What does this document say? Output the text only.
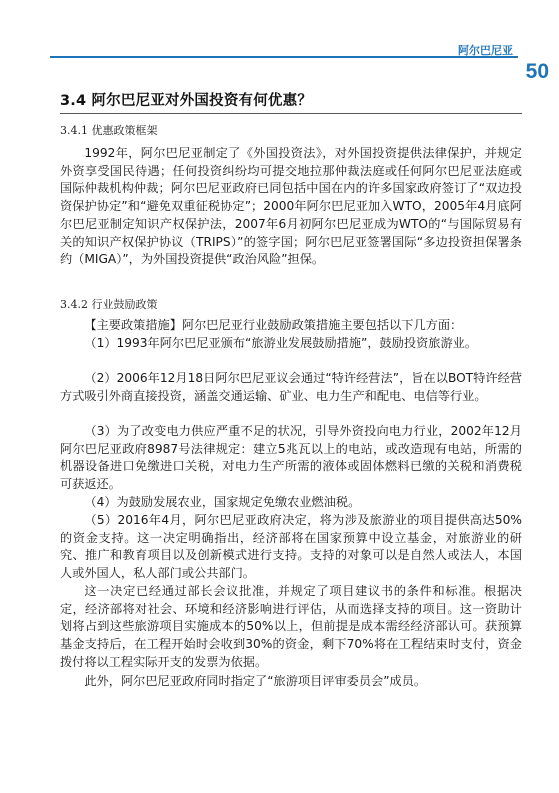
阿尔巴尼亚
50
3.4 阿尔巴尼亚对外国投资有何优惠？
3.4.1 优惠政策框架

1992年，阿尔巴尼亚制定了《外国投资法》，对外国投资提供法律保护，并规定外资享受国民待遇；任何投资纠纷均可提交地拉那仲裁法庭或任何阿尔巴尼亚法庭或国际仲裁机构仲裁；阿尔巴尼亚政府已同包括中国在内的许多国家政府签订了“双边投资保护协定”和“避免双重征税协定”；2000年阿尔巴尼亚加入WTO，2005年4月底阿尔巴尼亚制定知识产权保护法，2007年6月初阿尔巴尼亚成为WTO的“与国际贸易有关的知识产权保护协议（TRIPS）”的签字国；阿尔巴尼亚签署国际“多边投资担保署条约（MIGA）”，为外国投资提供“政治风险”担保。

3.4.2 行业鼓励政策

【主要政策措施】阿尔巴尼亚行业鼓励政策措施主要包括以下几方面：

（1）1993年阿尔巴尼亚颁布“旅游业发展鼓励措施”，鼓励投资旅游业。

（2）2006年12月18日阿尔巴尼亚议会通过“特许经营法”，旨在以BOT特许经营方式吸引外商直接投资，涵盖交通运输、矿业、电力生产和配电、电信等行业。

（3）为了改变电力供应严重不足的状况，引导外资投向电力行业，2002年12月阿尔巴尼亚政府8987号法律规定：建立5兆瓦以上的电站，或改造现有电站，所需的机器设备进口免缴进口关税，对电力生产所需的液体或固体燃料已缴的关税和消费税可获返还。

（4）为鼓励发展农业，国家规定免缴农业燃油税。

（5）2016年4月，阿尔巴尼亚政府决定，将为涉及旅游业的项目提供高达50%的资金支持。这一决定明确指出，经济部将在国家预算中设立基金，对旅游业的研究、推广和教育项目以及创新模式进行支持。支持的对象可以是自然人或法人，本国人或外国人，私人部门或公共部门。

这一决定已经通过部长会议批准，并规定了项目建议书的条件和标准。根据决定，经济部将对社会、环境和经济影响进行评估，从而选择支持的项目。这一资助计划将占到这些旅游项目实施成本的50%以上，但前提是成本需经经济部认可。获预算基金支持后，在工程开始时会收到30%的资金，剩下70%将在工程结束时支付，资金拨付将以工程实际开支的发票为依据。

此外，阿尔巴尼亚政府同时指定了“旅游项目评审委员会”成员。
